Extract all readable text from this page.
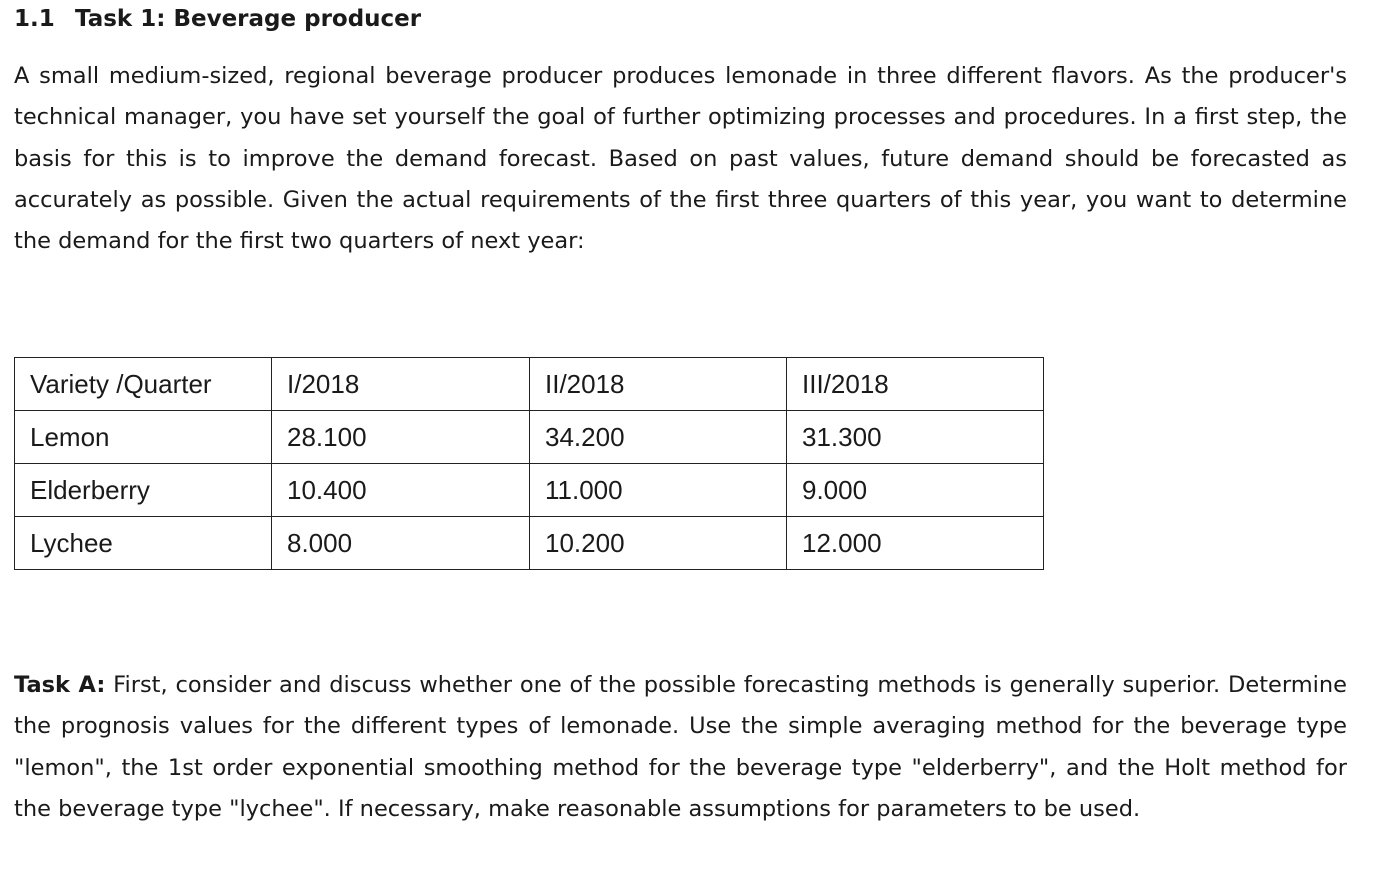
1.1 Task 1: Beverage producer

A small medium-sized, regional beverage producer produces lemonade in three different flavors. As the producer's technical manager, you have set yourself the goal of further optimizing processes and procedures. In a first step, the basis for this is to improve the demand forecast. Based on past values, future demand should be forecasted as accurately as possible. Given the actual requirements of the first three quarters of this year, you want to determine the demand for the first two quarters of next year:

Variety /Quarter	I/2018	II/2018	III/2018
Lemon	28.100	34.200	31.300
Elderberry	10.400	11.000	9.000
Lychee	8.000	10.200	12.000

Task A: First, consider and discuss whether one of the possible forecasting methods is generally superior. Determine the prognosis values for the different types of lemonade. Use the simple averaging method for the beverage type "lemon", the 1st order exponential smoothing method for the beverage type "elderberry", and the Holt method for the beverage type "lychee". If necessary, make reasonable assumptions for parameters to be used.
